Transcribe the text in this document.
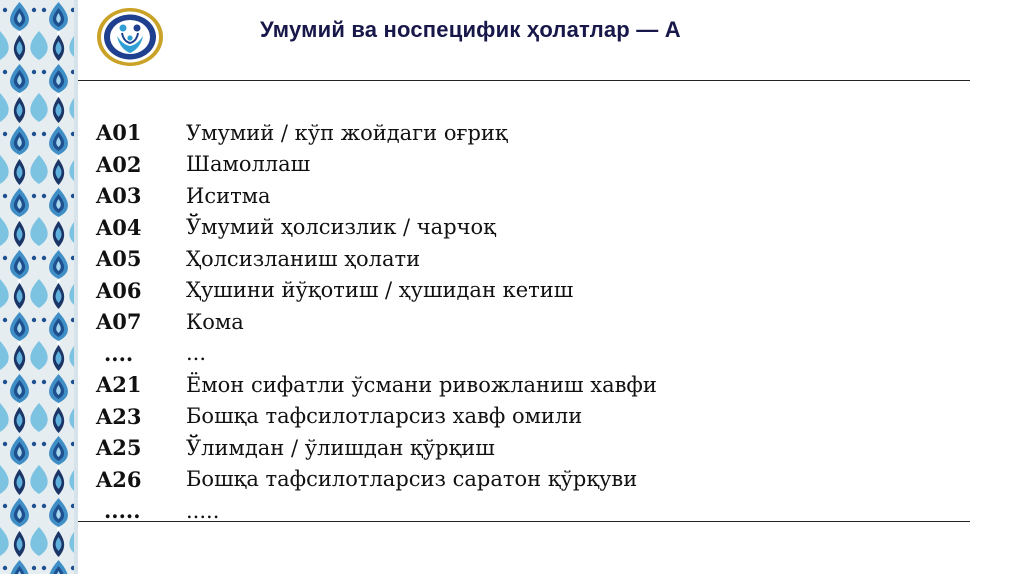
Умумий ва носпецифик ҳолатлар — A
A01	Умумий / кўп жойдаги оғриқ
A02	Шамоллаш
A03	Иситма
A04	Ўмумий ҳолсизлик / чарчоқ
A05	Ҳолсизланиш ҳолати
A06	Ҳушини йўқотиш / ҳушидан кетиш
A07	Кома
....	...
A21	Ёмон сифатли ўсмани ривожланиш хавфи
A23	Бошқа тафсилотларсиз хавф омили
A25	Ўлимдан / ўлишдан қўрқиш
A26	Бошқа тафсилотларсиз саратон қўрқуви
.....	.....
